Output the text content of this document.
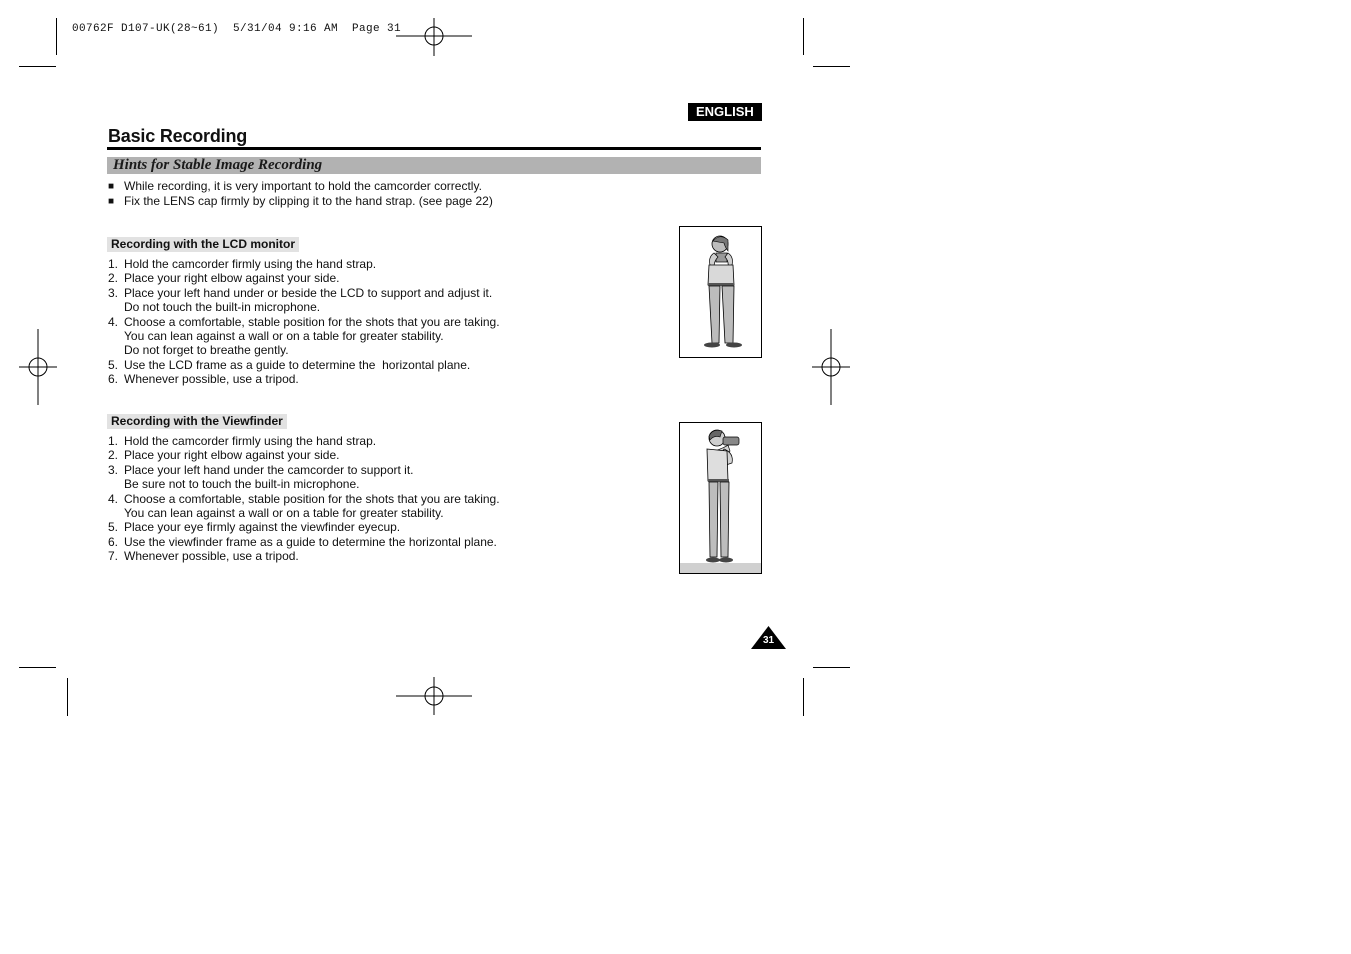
00762F D107-UK(28~61)  5/31/04 9:16 AM  Page 31
ENGLISH
Basic Recording
Hints for Stable Image Recording
■ While recording, it is very important to hold the camcorder correctly.
■ Fix the LENS cap firmly by clipping it to the hand strap. (see page 22)
Recording with the LCD monitor
1. Hold the camcorder firmly using the hand strap.
2. Place your right elbow against your side.
3. Place your left hand under or beside the LCD to support and adjust it.
Do not touch the built-in microphone.
4. Choose a comfortable, stable position for the shots that you are taking.
You can lean against a wall or on a table for greater stability.
Do not forget to breathe gently.
5. Use the LCD frame as a guide to determine the  horizontal plane.
6. Whenever possible, use a tripod.
Recording with the Viewfinder
1. Hold the camcorder firmly using the hand strap.
2. Place your right elbow against your side.
3. Place your left hand under the camcorder to support it.
Be sure not to touch the built-in microphone.
4. Choose a comfortable, stable position for the shots that you are taking.
You can lean against a wall or on a table for greater stability.
5. Place your eye firmly against the viewfinder eyecup.
6. Use the viewfinder frame as a guide to determine the horizontal plane.
7. Whenever possible, use a tripod.
31
